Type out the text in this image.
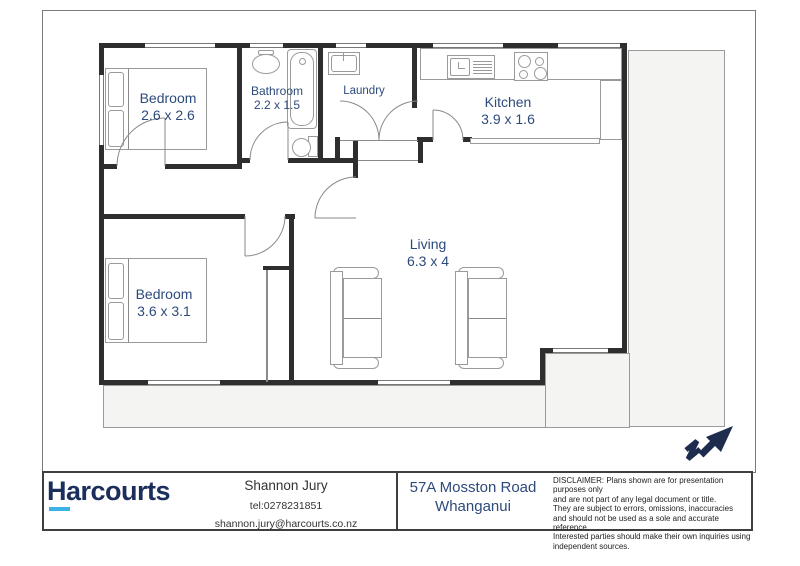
Bedroom
2.6 x 2.6
Bathroom
2.2 x 1.5
Laundry
Kitchen
3.9 x 1.6
Living
6.3 x 4
Bedroom
3.6 x 3.1
Harcourts	Shannon Jury
tel:0278231851
shannon.jury@harcourts.co.nz
57A Mosston Road
Whanganui
DISCLAIMER: Plans shown are for presentation purposes only
and are not part of any legal document or title.
They are subject to errors, omissions, inaccuracies
and should not be used as a sole and accurate reference.
Interested parties should make their own inquiries using
independent sources.
